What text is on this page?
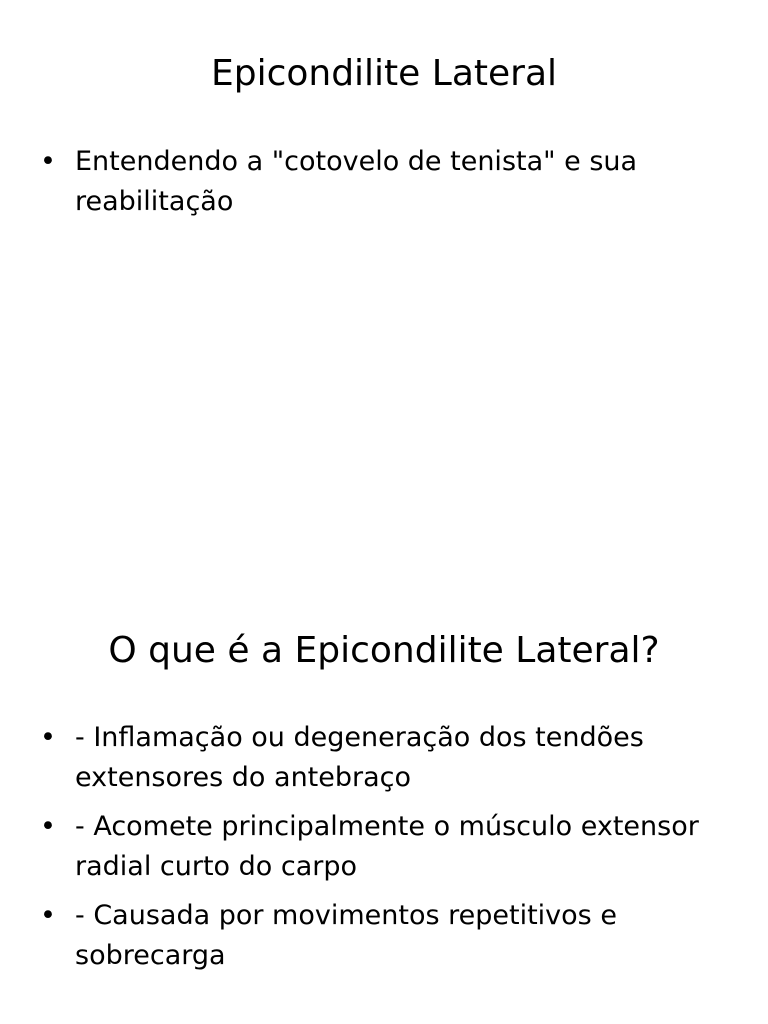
Epicondilite Lateral
• Entendendo a "cotovelo de tenista" e sua reabilitação
O que é a Epicondilite Lateral?
• - Inflamação ou degeneração dos tendões extensores do antebraço
• - Acomete principalmente o músculo extensor radial curto do carpo
• - Causada por movimentos repetitivos e sobrecarga
